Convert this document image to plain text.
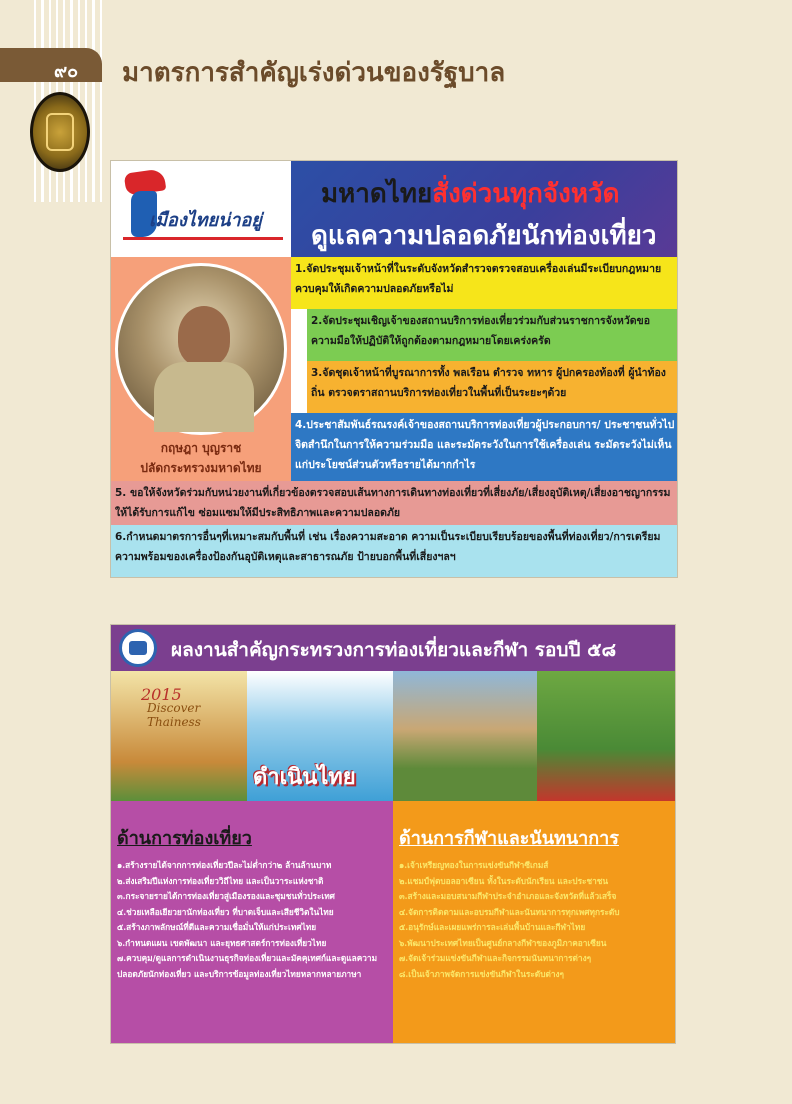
๙๐ มาตรการสำคัญเร่งด่วนของรัฐบาล
เมืองไทยน่าอยู่
มหาดไทยสั่งด่วนทุกจังหวัด
ดูแลความปลอดภัยนักท่องเที่ยว
กฤษฎา บุญราช
ปลัดกระทรวงมหาดไทย
1.จัดประชุมเจ้าหน้าที่ในระดับจังหวัดสำรวจตรวจสอบเครื่องเล่นมีระเบียบกฎหมายควบคุมให้เกิดความปลอดภัยหรือไม่
2.จัดประชุมเชิญเจ้าของสถานบริการท่องเที่ยวร่วมกับส่วนราชการจังหวัดขอความมือให้ปฏิบัติให้ถูกต้องตามกฎหมายโดยเคร่งครัด
3.จัดชุดเจ้าหน้าที่บูรณาการทั้ง พลเรือน ตำรวจ ทหาร ผู้ปกครองท้องที่ ผู้นำท้องถิ่น ตรวจตราสถานบริการท่องเที่ยวในพื้นที่เป็นระยะๆด้วย
4.ประชาสัมพันธ์รณรงค์เจ้าของสถานบริการท่องเที่ยวผู้ประกอบการ/ ประชาชนทั่วไปจิตสำนึกในการให้ความร่วมมือ และระมัดระวังในการใช้เครื่องเล่น ระมัดระวังไม่เห็นแก่ประโยชน์ส่วนตัวหรือรายได้มากกำไร
5. ขอให้จังหวัดร่วมกับหน่วยงานที่เกี่ยวข้องตรวจสอบเส้นทางการเดินทางท่องเที่ยวที่เสี่ยงภัย/เสี่ยงอุบัติเหตุ/เสี่ยงอาชญากรรมให้ได้รับการแก้ไข ซ่อมแซมให้มีประสิทธิภาพและความปลอดภัย
6.กำหนดมาตรการอื่นๆที่เหมาะสมกับพื้นที่ เช่น เรื่องความสะอาด ความเป็นระเบียบเรียบร้อยของพื้นที่ท่องเที่ยว/การเตรียมความพร้อมของเครื่องป้องกันอุบัติเหตุและสาธารณภัย ป้ายบอกพื้นที่เสี่ยงฯลฯ
ผลงานสำคัญกระทรวงการท่องเที่ยวและกีฬา รอบปี ๕๘
2015
Discover Thainess
ดำเนินไทย
ด้านการท่องเที่ยว

๑.สร้างรายได้จากการท่องเที่ยวปีละไม่ต่ำกว่า๒ ล้านล้านบาท

๒.ส่งเสริมปีแห่งการท่องเที่ยววิถีไทย และเป็นวาระแห่งชาติ

๓.กระจายรายได้การท่องเที่ยวสู่เมืองรองและชุมชนทั่วประเทศ

๔.ช่วยเหลือเยียวยานักท่องเที่ยว ที่บาดเจ็บและเสียชีวิตในไทย

๕.สร้างภาพลักษณ์ที่ดีและความเชื่อมั่นให้แก่ประเทศไทย

๖.กำหนดแผน เขตพัฒนา และยุทธศาสตร์การท่องเที่ยวไทย

๗.ควบคุม/ดูแลการดำเนินงานธุรกิจท่องเที่ยวและมัคคุเทศก์และดูแลความปลอดภัยนักท่องเที่ยว และบริการข้อมูลท่องเที่ยวไทยหลากหลายภาษา

ด้านการกีฬาและนันทนาการ

๑.เจ้าเหรียญทองในการแข่งขันกีฬาซีเกมส์

๒.แชมป์ฟุตบอลอาเซียน ทั้งในระดับนักเรียน และประชาชน

๓.สร้างและมอบสนามกีฬาประจำอำเภอและจังหวัดที่แล้วเสร็จ

๔.จัดการติดตามและอบรมกีฬาและนันทนาการทุกเพศทุกระดับ

๕.อนุรักษ์และเผยแพร่การละเล่นพื้นบ้านและกีฬาไทย

๖.พัฒนาประเทศไทยเป็นศูนย์กลางกีฬาของภูมิภาคอาเซียน

๗.จัดเจ้าร่วมแข่งขันกีฬาและกิจกรรมนันทนาการต่างๆ

๘.เป็นเจ้าภาพจัดการแข่งขันกีฬาในระดับต่างๆ
